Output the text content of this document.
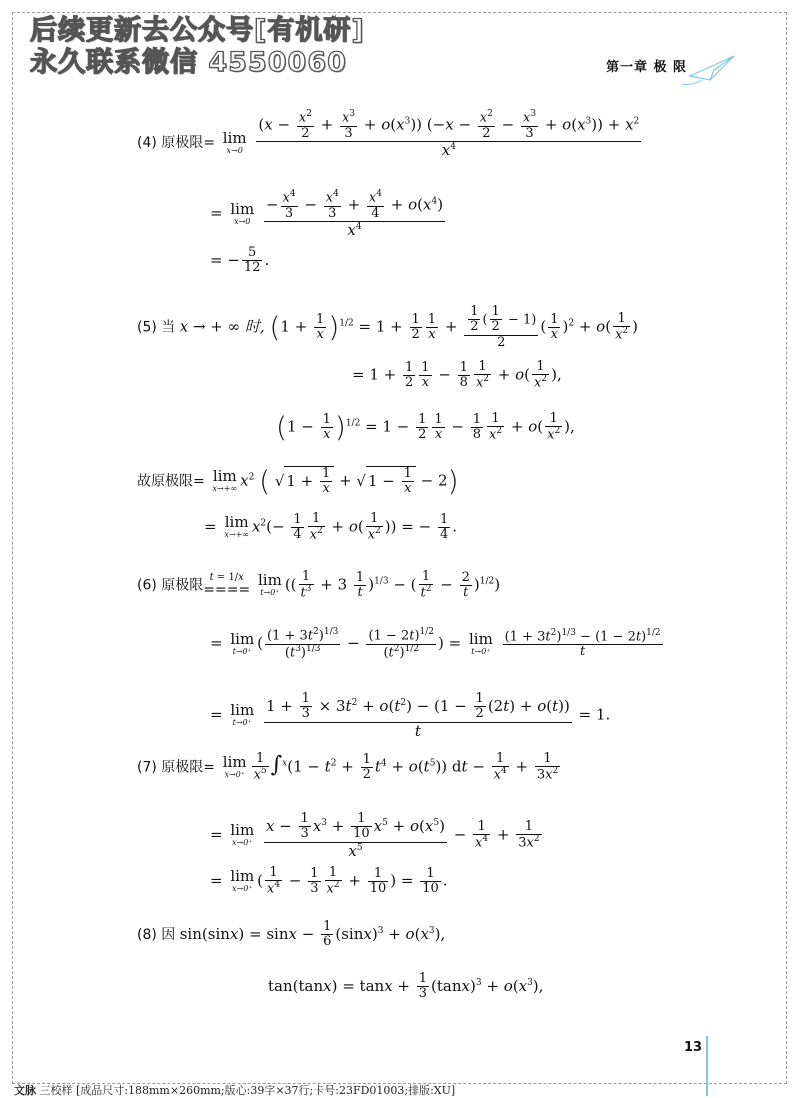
后续更新去公众号[有机研]
永久联系微信 4550060	第一章 极 限
(4) 原极限= lim
x→0
$\frac{(x - \frac{x^2}{2} + \frac{x^3}{3} + o(x^3)) (-x - \frac{x^2}{2} - \frac{x^3}{3} + o(x^3)) + x^2}{x^4}$
= lim
x→0
$\frac{- \frac{x^4}{3} - \frac{x^4}{3} + \frac{x^4}{4} + o(x^4)}{x^4}$
= − $\frac{5}{12}$ .
(5) 当 x → + ∞ 时, $(1 + \frac{1}{x} )^{1/2} = 1 + \frac{1}{2} \frac{1}{x} + \frac{\frac{1}{2} ( \frac{1}{2} - 1)}{2}$ ( $\frac{1}{x} )^2 + o( \frac{1}{x^2}$ )
= $1 + \frac{1}{2} \frac{1}{x} - \frac{1}{8} \frac{1}{x^2} + o( \frac{1}{x^2}$ ),
$(1 - \frac{1}{x} )^{1/2} = 1 - \frac{1}{2} \frac{1}{x} - \frac{1}{8} \frac{1}{x^2} + o( \frac{1}{x^2}$ ),
故原极限= lim
x→+∞ $x^2$ ( √ $1 + \frac{1}{x}$ + √ $1 - \frac{1}{x} - 2$)
= lim
x→+∞ $x^2(- \frac{1}{4} \frac{1}{x^2} + o( \frac{1}{x^2}$ )) = − $\frac{1}{4}$ .
(6) 原极限 t = 1/x
====

lim
t→0⁺ (( $\frac{1}{t^3} + 3 \frac{1}{t} )^{1/3}$ − ( $\frac{1}{t^2} - \frac{2}{t} )^{1/2}$)
= lim
t→0⁺ ( $\frac{(1 + 3t^2)^{1/3}}{(t^3)^{1/3}} - \frac{(1 - 2t)^{1/2}}{(t^2)^{1/2}}$ ) = lim
t→0⁺
$\frac{(1 + 3t^2)^{1/3} - (1 - 2t)^{1/2}}{t}$
= lim
t→0⁺
$\frac{1 + \frac{1}{3} \times 3t^2 + o(t^2) - (1 - \frac{1}{2} (2t) + o(t))}{t} = 1$.
(7) 原极限= lim
$x\to 0^+ \frac{1}{x^5} \int^x(1 - t^2 + \frac{1}{2} t^4 + o(t^5))$ dt − $\frac{1}{x^4} + \frac{1}{3x^2}$
= lim
x→0⁺
$\frac{x - \frac{1}{3} x^3 + \frac{1}{10} x^5 + o(x^5)}{x^5} - \frac{1}{x^4} + \frac{1}{3x^2}$
= lim
x→0⁺ ( $\frac{1}{x^4} - \frac{1}{3} \frac{1}{x^2} + \frac{1}{10}$ ) = $\frac{1}{10}$ .
(8) 因 $\sin(\sin x) = \sin x - \frac{1}{6} (\sin x)^3 + o(x^3)$,
$\tan(\tan x) = \tan x + \frac{1}{3} (\tan x)^3 + o(x^3)$,
13
文脉 三校样 [成品尺寸:188mm×260mm;版心:39字×37行;卡号:23FD01003;排版:XU]
